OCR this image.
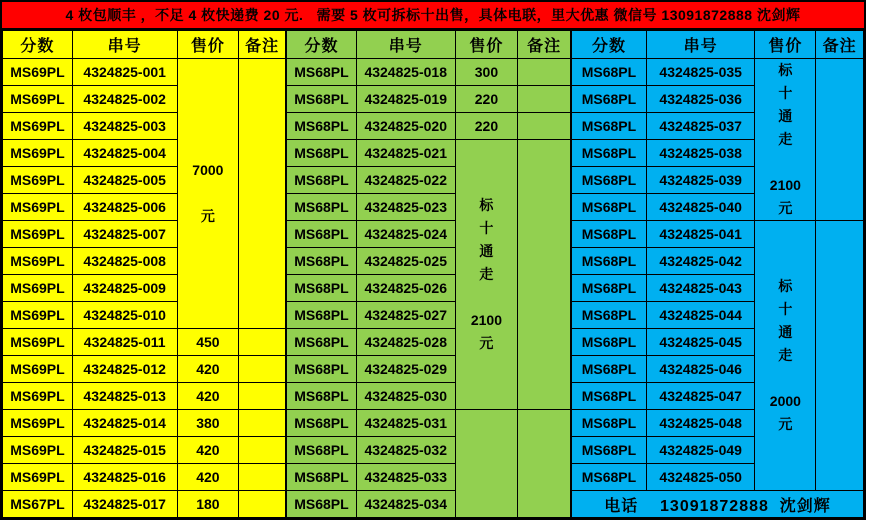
4 枚包顺丰 ，不足 4 枚快递费 20 元.   需要 5 枚可拆标十出售，具体电联，里大优惠 微信号 13091872888 沈剑辉
分数	串号	售价	备注
MS69PL	4324825-001	7000
元	

MS69PL	4324825-002		
MS69PL	4324825-003		
MS69PL	4324825-004		
MS69PL	4324825-005		
MS69PL	4324825-006		
MS69PL	4324825-007		
MS69PL	4324825-008		
MS69PL	4324825-009		
MS69PL	4324825-010		
MS69PL	4324825-011	450	

MS69PL	4324825-012	420	

MS69PL	4324825-013	420	

MS69PL	4324825-014	380	

MS69PL	4324825-015	420	

MS69PL	4324825-016	420	

MS67PL	4324825-017	180	

分数	串号	售价	备注
MS68PL	4324825-018	300	

MS68PL	4324825-019	220	

MS68PL	4324825-020	220	

MS68PL	4324825-021	
标
十
通
走
2100
元

MS68PL	4324825-022		
MS68PL	4324825-023		
MS68PL	4324825-024		
MS68PL	4324825-025		
MS68PL	4324825-026		
MS68PL	4324825-027		
MS68PL	4324825-028		
MS68PL	4324825-029		
MS68PL	4324825-030		
MS68PL	4324825-031		
MS68PL	4324825-032		
MS68PL	4324825-033		
MS68PL	4324825-034		
分数	串号	售价	备注
MS68PL	4324825-035	标
十
通
走
2100
元

MS68PL	4324825-036		
MS68PL	4324825-037		
MS68PL	4324825-038		
MS68PL	4324825-039		
MS68PL	4324825-040		
MS68PL	4324825-041	
标
十
通
走
2000
元

MS68PL	4324825-042		
MS68PL	4324825-043		
MS68PL	4324825-044		
MS68PL	4324825-045		
MS68PL	4324825-046		
MS68PL	4324825-047		
MS68PL	4324825-048		
MS68PL	4324825-049		
MS68PL	4324825-050		
电话    13091872888  沈剑辉			
